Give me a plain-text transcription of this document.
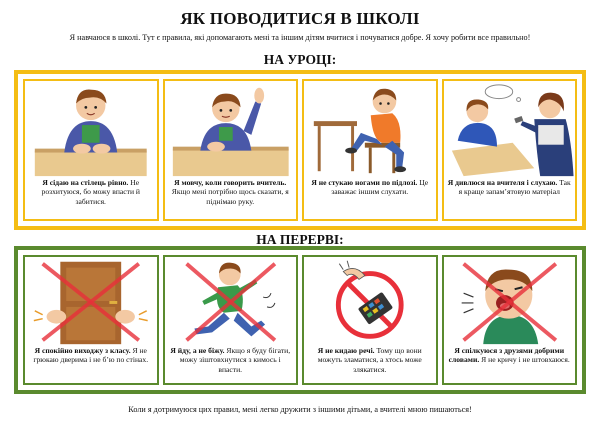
ЯК ПОВОДИТИСЯ В ШКОЛІ
Я навчаюся в школі. Тут є правила, які допомагають мені та іншим дітям вчитися і почуватися добре. Я хочу робити все правильно!
НА УРОЦІ:
Я сідаю на стілець рівно. Не розхитуюся, бо можу впасти й забитися.
Я мовчу, коли говорить вчитель. Якщо мені потрібно щось сказати, я піднімаю руку.
Я не стукаю ногами по підлозі. Це заважає іншим слухати.
Я дивлюся на вчителя і слухаю. Так я краще запам’ятовую матеріал
НА ПЕРЕРВІ:
Я спокійно виходжу з класу. Я не грюкаю дверима і не б’ю по стінах.
Я йду, а не біжу. Якщо я буду бігати, можу зіштовхнутися з кимось і впасти.
Я не кидаю речі. Тому що вони можуть зламатися, а хтось може злякатися.
Я спілкуюся з друзями добрими словами. Я не кричу і не штовхаюся.
Коли я дотримуюся цих правил, мені легко дружити з іншими дітьми, а вчителі мною пишаються!
